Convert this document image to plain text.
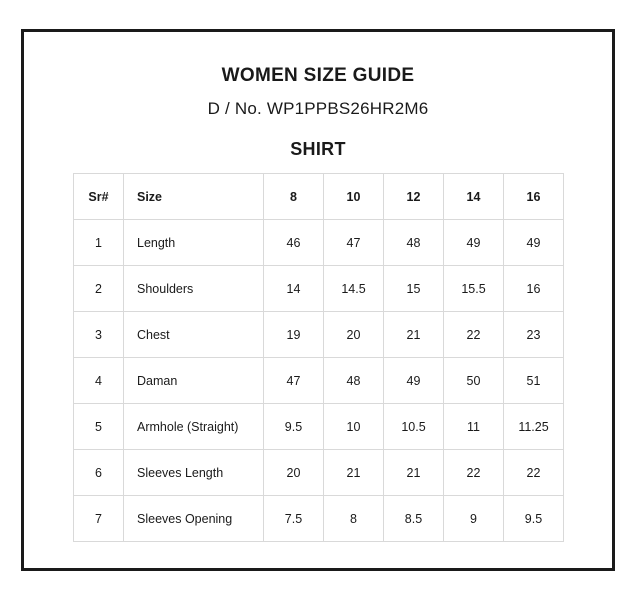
WOMEN SIZE GUIDE
D / No. WP1PPBS26HR2M6
SHIRT
Sr#	Size	8	10	12	14	16
1	Length	46	47	48	49	49
2	Shoulders	14	14.5	15	15.5	16
3	Chest	19	20	21	22	23
4	Daman	47	48	49	50	51
5	Armhole (Straight)	9.5	10	10.5	11	11.25
6	Sleeves Length	20	21	21	22	22
7	Sleeves Opening	7.5	8	8.5	9	9.5
